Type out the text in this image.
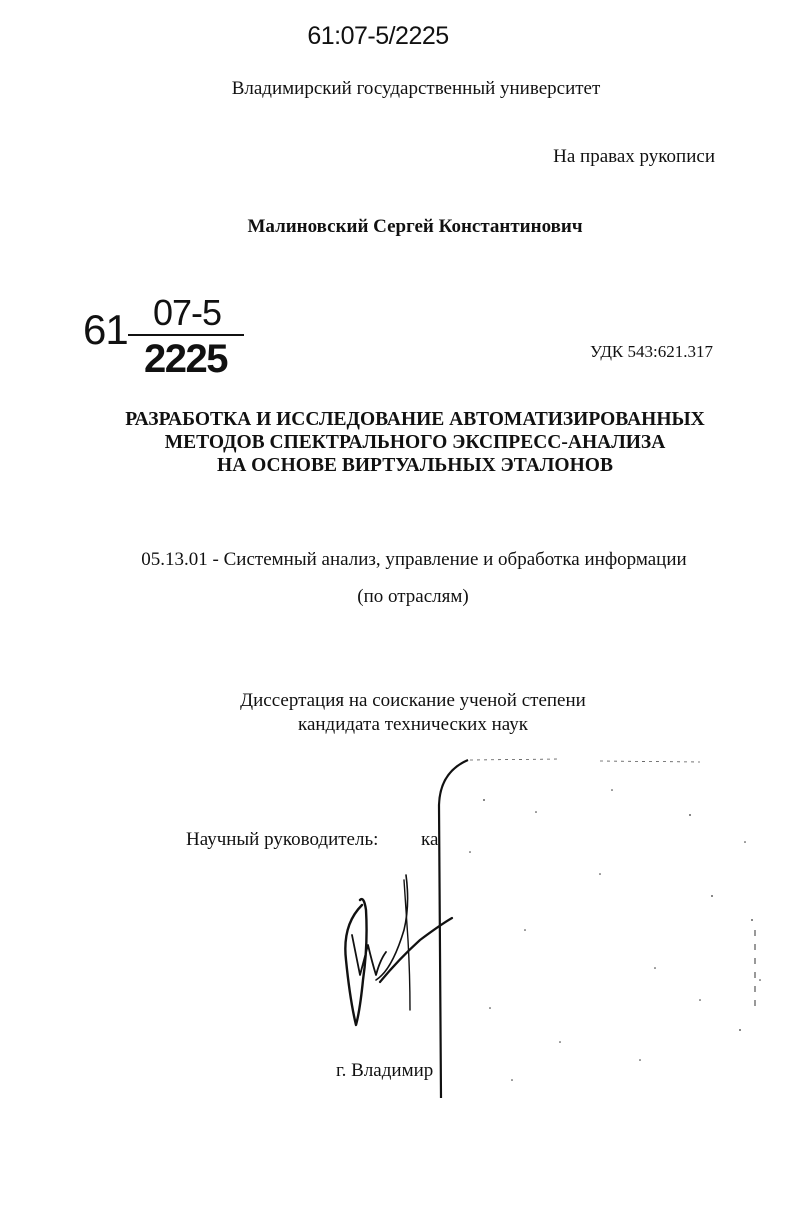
61:07-5/2225
Владимирский государственный университет
На правах рукописи
Малиновский Сергей Константинович
61 07-5
2225	УДК 543:621.317
РАЗРАБОТКА И ИССЛЕДОВАНИЕ АВТОМАТИЗИРОВАННЫХ
МЕТОДОВ СПЕКТРАЛЬНОГО ЭКСПРЕСС-АНАЛИЗА
НА ОСНОВЕ ВИРТУАЛЬНЫХ ЭТАЛОНОВ
05.13.01 - Системный анализ, управление и обработка информации
(по отраслям)
Диссертация на соискание ученой степени
кандидата технических наук
Научный руководитель: ка
г. Владимир
